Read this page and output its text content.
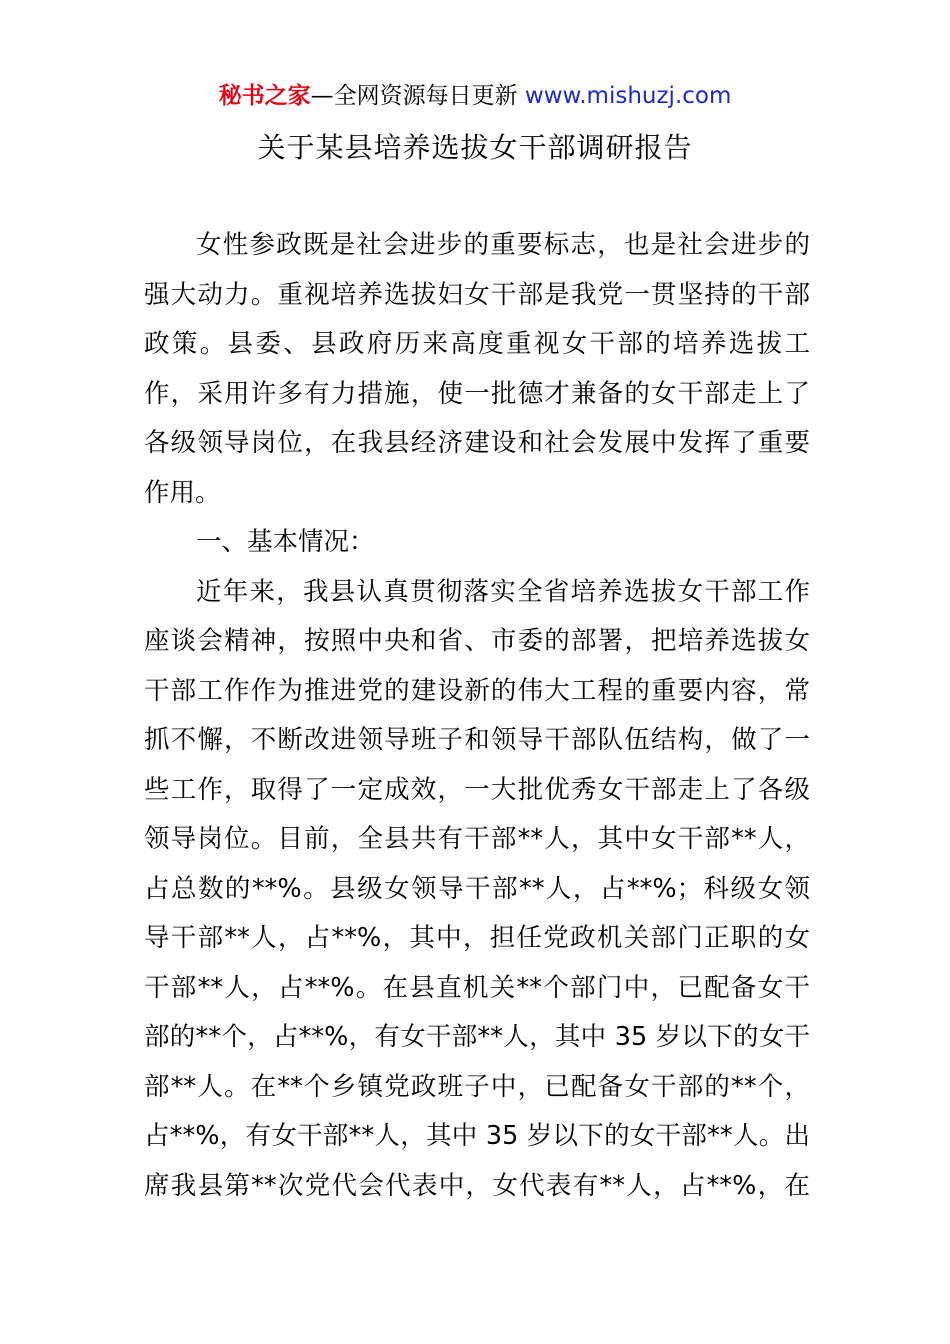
秘书之家—全网资源每日更新 www.mishuzj.com
关于某县培养选拔女干部调研报告
女性参政既是社会进步的重要标志，也是社会进步的
强大动力。重视培养选拔妇女干部是我党一贯坚持的干部
政策。县委、县政府历来高度重视女干部的培养选拔工
作，采用许多有力措施，使一批德才兼备的女干部走上了
各级领导岗位，在我县经济建设和社会发展中发挥了重要
作用。
一、基本情况：
近年来，我县认真贯彻落实全省培养选拔女干部工作
座谈会精神，按照中央和省、市委的部署，把培养选拔女
干部工作作为推进党的建设新的伟大工程的重要内容，常
抓不懈，不断改进领导班子和领导干部队伍结构，做了一
些工作，取得了一定成效，一大批优秀女干部走上了各级
领导岗位。目前，全县共有干部**人，其中女干部**人，
占总数的**%。县级女领导干部**人，占**%；科级女领
导干部**人，占**%，其中，担任党政机关部门正职的女
干部**人，占**%。在县直机关**个部门中，已配备女干
部的**个，占**%，有女干部**人，其中 35 岁以下的女干
部**人。在**个乡镇党政班子中，已配备女干部的**个，
占**%，有女干部**人，其中 35 岁以下的女干部**人。出
席我县第**次党代会代表中，女代表有**人，占**%，在
